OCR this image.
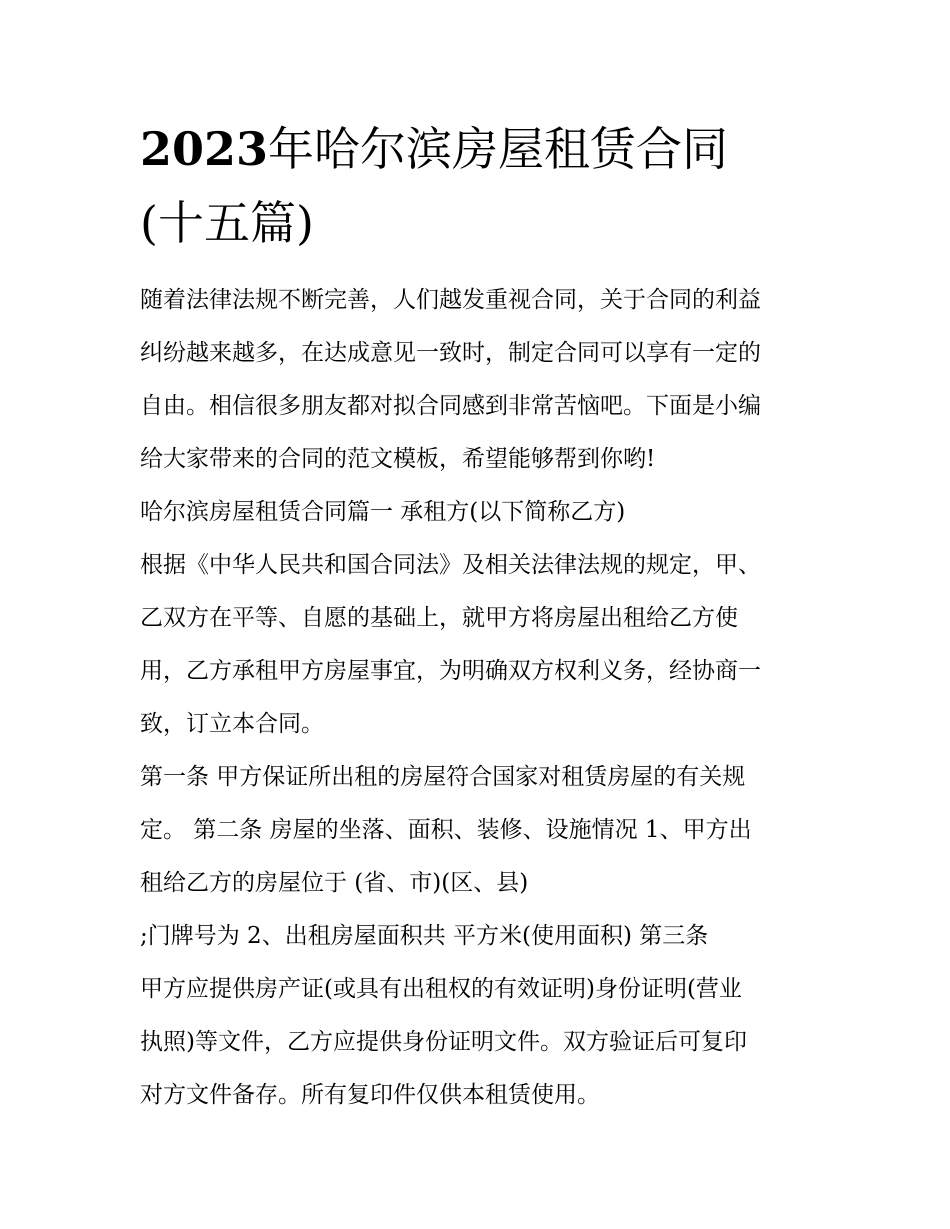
2023年哈尔滨房屋租赁合同
(十五篇)

随着法律法规不断完善，人们越发重视合同，关于合同的利益

纠纷越来越多，在达成意见一致时，制定合同可以享有一定的

自由。相信很多朋友都对拟合同感到非常苦恼吧。下面是小编

给大家带来的合同的范文模板，希望能够帮到你哟!

哈尔滨房屋租赁合同篇一 承租方(以下简称乙方)

根据《中华人民共和国合同法》及相关法律法规的规定，甲、

乙双方在平等、自愿的基础上，就甲方将房屋出租给乙方使

用，乙方承租甲方房屋事宜，为明确双方权利义务，经协商一

致，订立本合同。

第一条 甲方保证所出租的房屋符合国家对租赁房屋的有关规

定。 第二条 房屋的坐落、面积、装修、设施情况 1、甲方出

租给乙方的房屋位于 (省、市)(区、县)

;门牌号为 2、出租房屋面积共 平方米(使用面积) 第三条

甲方应提供房产证(或具有出租权的有效证明)身份证明(营业

执照)等文件，乙方应提供身份证明文件。双方验证后可复印

对方文件备存。所有复印件仅供本租赁使用。
